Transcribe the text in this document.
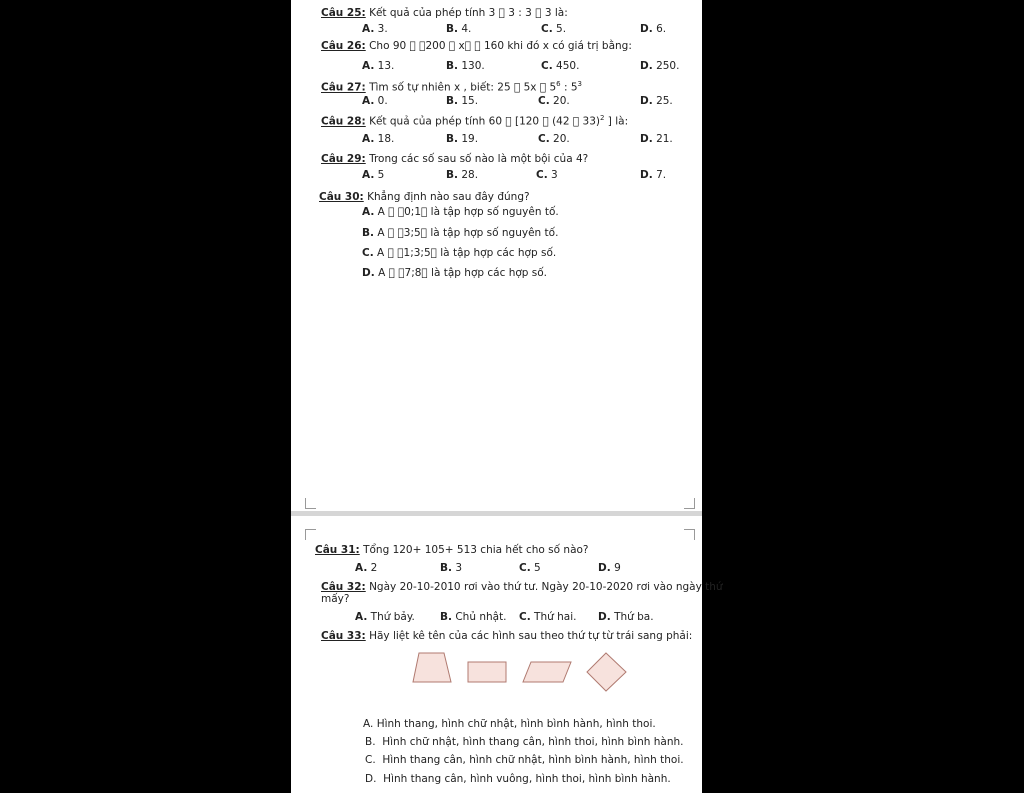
Câu 25: Kết quả của phép tính 3 ⃞ 3 : 3 ⃞ 3 là:
A. 3.	B. 4.	C. 5.	D. 6.
Câu 26: Cho 90 ⃞ ⃞200 ⃞ x⃞ ⃞ 160 khi đó x có giá trị bằng:
A. 13.	B. 130.	C. 450.	D. 250.
Câu 27: Tìm số tự nhiên x , biết: 25 ⃞ 5x ⃞ $5^6$ : $5^3$
A. 0.	B. 15.	C. 20.	D. 25.
Câu 28: Kết quả của phép tính 60 ⃞ [120 ⃞ (42 ⃞ 33)$^2$ ] là:
A. 18.	B. 19.	C. 20.	D. 21.
Câu 29: Trong các số sau số nào là một bội của 4?
A. 5	B. 28.	C. 3	D. 7.
Câu 30: Khẳng định nào sau đây đúng?
A. A ⃞ ⃞0;1⃞ là tập hợp số nguyên tố.
B. A ⃞ ⃞3;5⃞ là tập hợp số nguyên tố.
C. A ⃞ ⃞1;3;5⃞ là tập hợp các hợp số.
D. A ⃞ ⃞7;8⃞ là tập hợp các hợp số.
Câu 31: Tổng 120+ 105+ 513 chia hết cho số nào?
A. 2	B. 3	C. 5	D. 9
Câu 32: Ngày 20-10-2010 rơi vào thứ tư. Ngày 20-10-2020 rơi vào ngày thứ
mấy?
A. Thứ bảy. B. Chủ nhật. C. Thứ hai. D. Thứ ba.
Câu 33: Hãy liệt kê tên của các hình sau theo thứ tự từ trái sang phải:
A. Hình thang, hình chữ nhật, hình bình hành, hình thoi.
B. Hình chữ nhật, hình thang cân, hình thoi, hình bình hành.
C. Hình thang cân, hình chữ nhật, hình bình hành, hình thoi.
D. Hình thang cân, hình vuông, hình thoi, hình bình hành.
